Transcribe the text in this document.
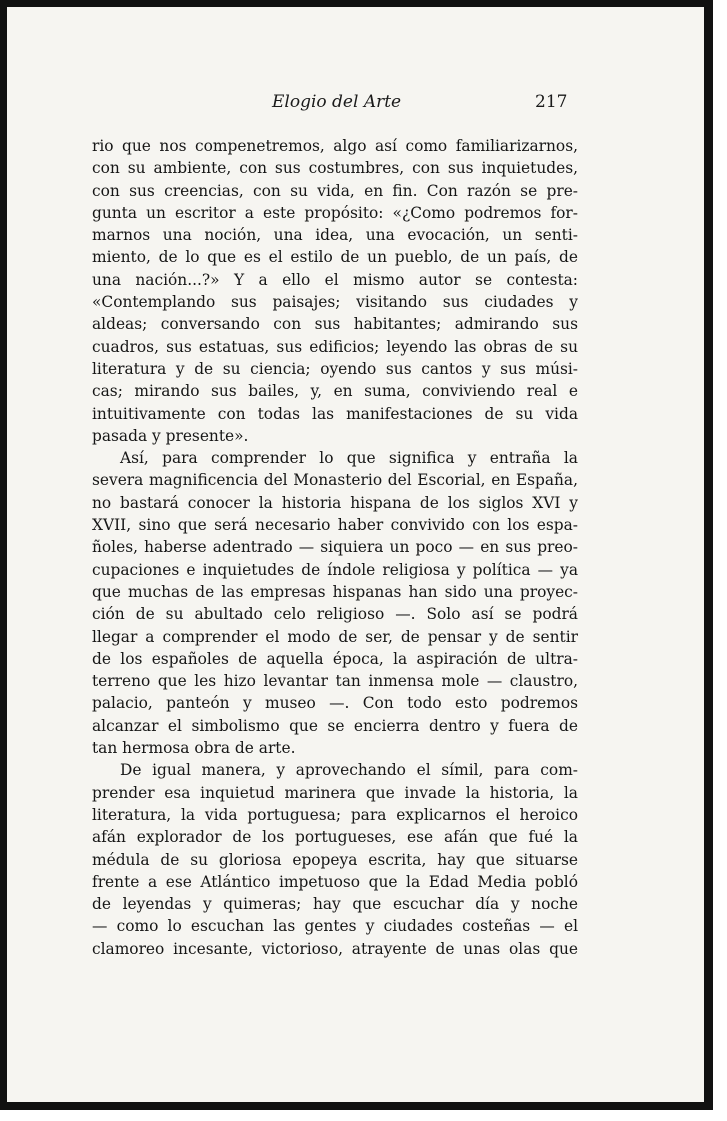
Elogio del Arte	217
rio que nos compenetremos, algo así como familiarizarnos,
con su ambiente, con sus costumbres, con sus inquietudes,
con sus creencias, con su vida, en fin. Con razón se pre-
gunta un escritor a este propósito: «¿Como podremos for-
marnos una noción, una idea, una evocación, un senti-
miento, de lo que es el estilo de un pueblo, de un país, de
una nación...?» Y a ello el mismo autor se contesta:
«Contemplando sus paisajes; visitando sus ciudades y
aldeas; conversando con sus habitantes; admirando sus
cuadros, sus estatuas, sus edificios; leyendo las obras de su
literatura y de su ciencia; oyendo sus cantos y sus músi-
cas; mirando sus bailes, y, en suma, conviviendo real e
intuitivamente con todas las manifestaciones de su vida
pasada y presente».
Así, para comprender lo que significa y entraña la
severa magnificencia del Monasterio del Escorial, en España,
no bastará conocer la historia hispana de los siglos XVI y
XVII, sino que será necesario haber convivido con los espa-
ñoles, haberse adentrado — siquiera un poco — en sus preo-
cupaciones e inquietudes de índole religiosa y política — ya
que muchas de las empresas hispanas han sido una proyec-
ción de su abultado celo religioso —. Solo así se podrá
llegar a comprender el modo de ser, de pensar y de sentir
de los españoles de aquella época, la aspiración de ultra-
terreno que les hizo levantar tan inmensa mole — claustro,
palacio, panteón y museo —. Con todo esto podremos
alcanzar el simbolismo que se encierra dentro y fuera de
tan hermosa obra de arte.
De igual manera, y aprovechando el símil, para com-
prender esa inquietud marinera que invade la historia, la
literatura, la vida portuguesa; para explicarnos el heroico
afán explorador de los portugueses, ese afán que fué la
médula de su gloriosa epopeya escrita, hay que situarse
frente a ese Atlántico impetuoso que la Edad Media pobló
de leyendas y quimeras; hay que escuchar día y noche
— como lo escuchan las gentes y ciudades costeñas — el
clamoreo incesante, victorioso, atrayente de unas olas que
